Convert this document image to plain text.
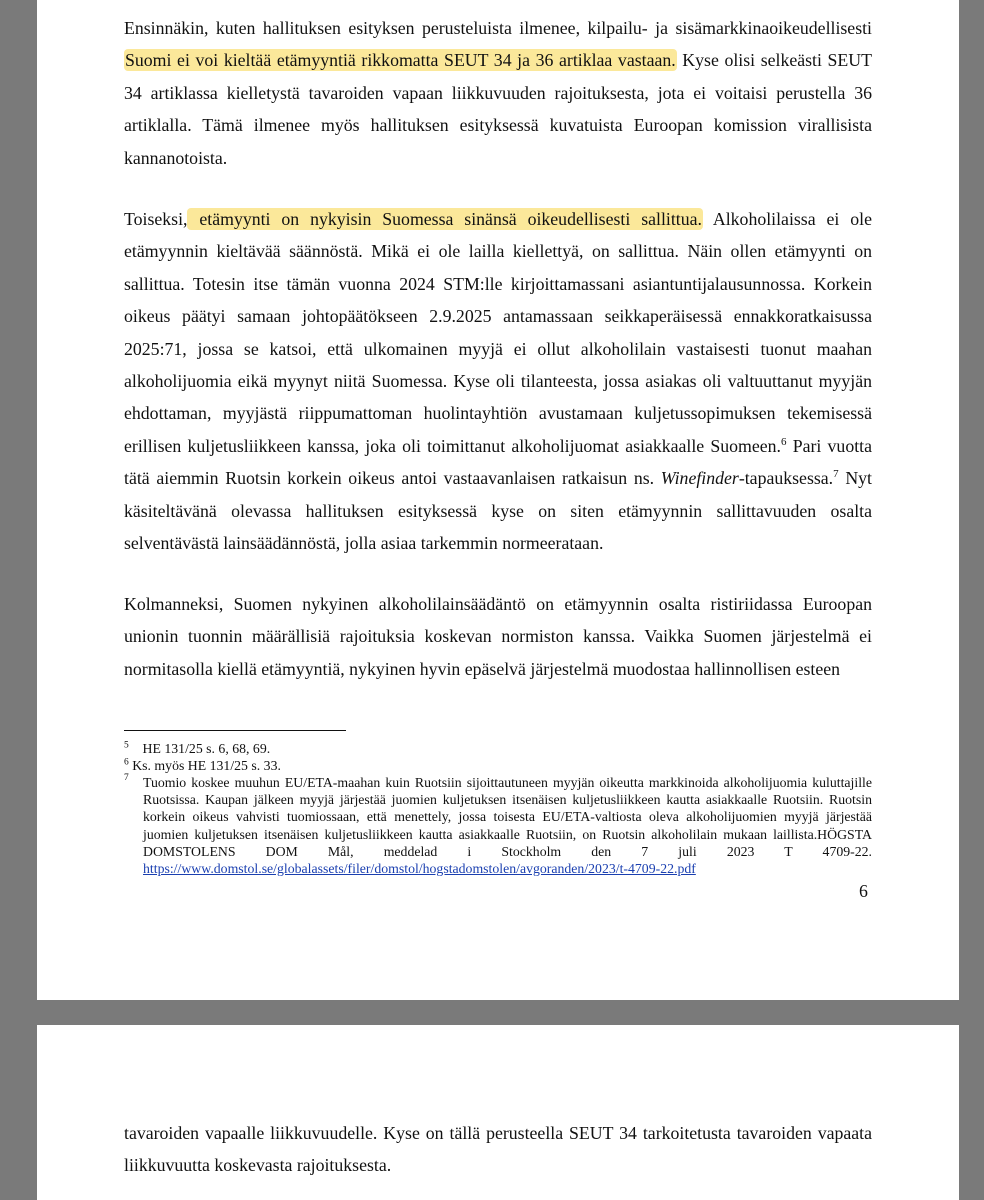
Ensinnäkin, kuten hallituksen esityksen perusteluista ilmenee, kilpailu- ja sisämarkkinaoikeudellisesti Suomi ei voi kieltää etämyyntiä rikkomatta SEUT 34 ja 36 artiklaa vastaan. Kyse olisi selkeästi SEUT 34 artiklassa kielletystä tavaroiden vapaan liikkuvuuden rajoituksesta, jota ei voitaisi perustella 36 artiklalla. Tämä ilmenee myös hallituksen esityksessä kuvatuista Euroopan komission virallisista kannanotoista.

Toiseksi, etämyynti on nykyisin Suomessa sinänsä oikeudellisesti sallittua. Alkoholilaissa ei ole etämyynnin kieltävää säännöstä. Mikä ei ole lailla kiellettyä, on sallittua. Näin ollen etämyynti on sallittua. Totesin itse tämän vuonna 2024 STM:lle kirjoittamassani asiantuntijalausunnossa. Korkein oikeus päätyi samaan johtopäätökseen 2.9.2025 antamassaan seikkaperäisessä ennakkoratkaisussa 2025:71, jossa se katsoi, että ulkomainen myyjä ei ollut alkoholilain vastaisesti tuonut maahan alkoholijuomia eikä myynyt niitä Suomessa. Kyse oli tilanteesta, jossa asiakas oli valtuuttanut myyjän ehdottaman, myyjästä riippumattoman huolintayhtiön avustamaan kuljetussopimuksen tekemisessä erillisen kuljetusliikkeen kanssa, joka oli toimittanut alkoholijuomat asiakkaalle Suomeen.$^6$ Pari vuotta tätä aiemmin Ruotsin korkein oikeus antoi vastaavanlaisen ratkaisun ns. Winefinder-tapauksessa.$^7$ Nyt käsiteltävänä olevassa hallituksen esityksessä kyse on siten etämyynnin sallittavuuden osalta selventävästä lainsäädännöstä, jolla asiaa tarkemmin normeerataan.

Kolmanneksi, Suomen nykyinen alkoholilainsäädäntö on etämyynnin osalta ristiriidassa Euroopan unionin tuonnin määrällisiä rajoituksia koskevan normiston kanssa. Vaikka Suomen järjestelmä ei normitasolla kiellä etämyyntiä, nykyinen hyvin epäselvä järjestelmä muodostaa hallinnollisen esteen

$^5$ HE 131/25 s. 6, 68, 69.

$^6$ Ks. myös HE 131/25 s. 33.

7 Tuomio koskee muuhun EU/ETA-maahan kuin Ruotsiin sijoittautuneen myyjän oikeutta markkinoida alkoholijuomia kuluttajille Ruotsissa. Kaupan jälkeen myyjä järjestää juomien kuljetuksen itsenäisen kuljetusliikkeen kautta asiakkaalle Ruotsiin. Ruotsin korkein oikeus vahvisti tuomiossaan, että menettely, jossa toisesta EU/ETA-valtiosta oleva alkoholijuomien myyjä järjestää juomien kuljetuksen itsenäisen kuljetusliikkeen kautta asiakkaalle Ruotsiin, on Ruotsin alkoholilain mukaan laillista.HÖGSTA DOMSTOLENS DOM Mål, meddelad i Stockholm den 7 juli 2023 T 4709-22. https://www.domstol.se/globalassets/filer/domstol/hogstadomstolen/avgoranden/2023/t-4709-22.pdf
6

tavaroiden vapaalle liikkuvuudelle. Kyse on tällä perusteella SEUT 34 tarkoitetusta tavaroiden vapaata liikkuvuutta koskevasta rajoituksesta.
